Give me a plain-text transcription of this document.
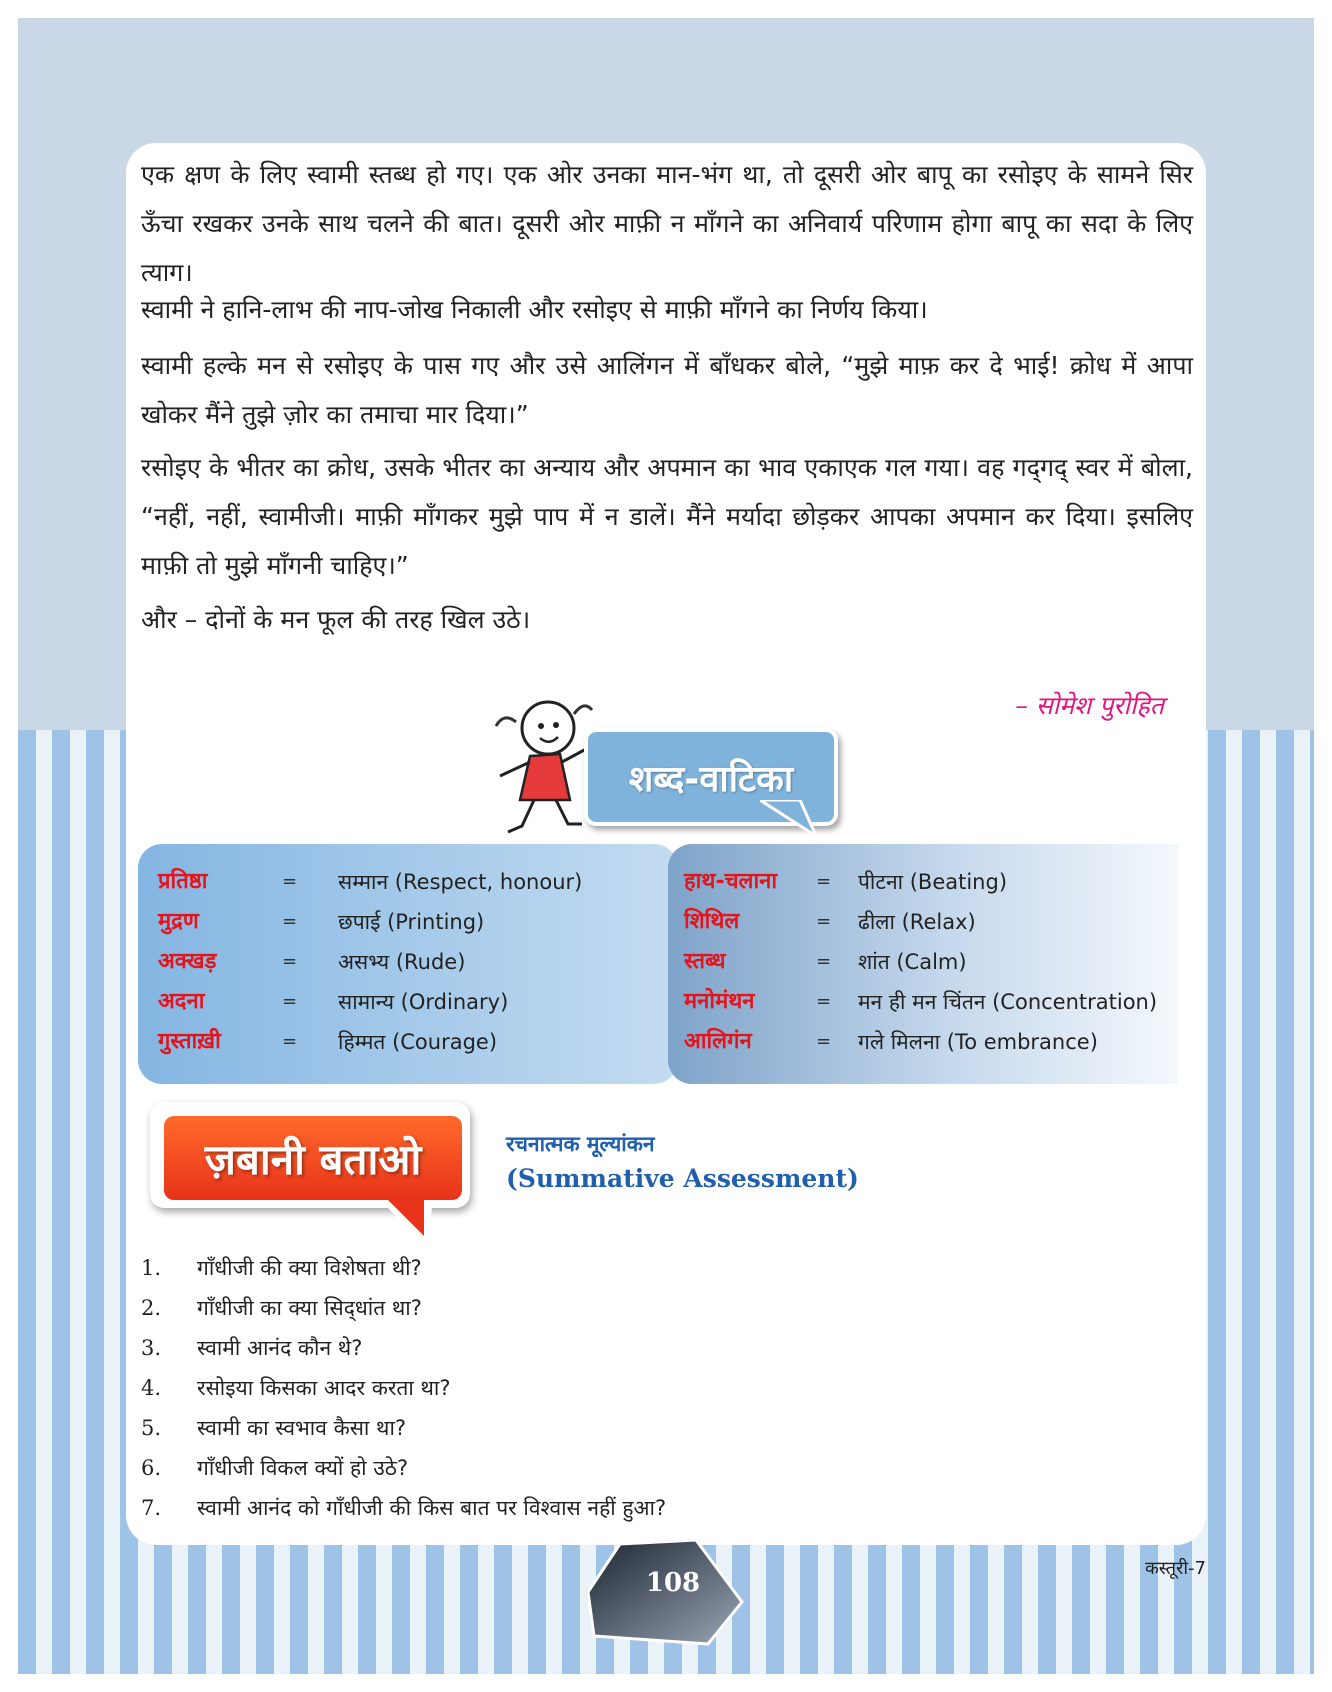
एक क्षण के लिए स्वामी स्तब्ध हो गए। एक ओर उनका मान-भंग था, तो दूसरी ओर बापू का रसोइए के सामने सिर ऊँचा रखकर उनके साथ चलने की बात। दूसरी ओर माफ़ी न माँगने का अनिवार्य परिणाम होगा बापू का सदा के लिए त्याग।

स्वामी ने हानि-लाभ की नाप-जोख निकाली और रसोइए से माफ़ी माँगने का निर्णय किया।

स्वामी हल्के मन से रसोइए के पास गए और उसे आलिंगन में बाँधकर बोले, “मुझे माफ़ कर दे भाई! क्रोध में आपा खोकर मैंने तुझे ज़ोर का तमाचा मार दिया।”

रसोइए के भीतर का क्रोध, उसके भीतर का अन्याय और अपमान का भाव एकाएक गल गया। वह गद्‌गद् स्वर में बोला, “नहीं, नहीं, स्वामीजी। माफ़ी माँगकर मुझे पाप में न डालें। मैंने मर्यादा छोड़कर आपका अपमान कर दिया। इसलिए माफ़ी तो मुझे माँगनी चाहिए।”

और – दोनों के मन फूल की तरह खिल उठे।

– सोमेश पुरोहित

शब्द-वाटिका
प्रतिष्ठा	= सम्मान (Respect, honour)
मुद्रण	= छपाई (Printing)
अक्खड़	= असभ्य (Rude)
अदना	= सामान्य (Ordinary)
गुस्ताख़ी	= हिम्मत (Courage)
हाथ-चलाना = पीटना (Beating)
शिथिल	= ढीला (Relax)
स्तब्ध	= शांत (Calm)
मनोमंथन	= मन ही मन चिंतन (Concentration)
आलिगंन	= गले मिलना (To embrance)
ज़बानी बताओ	रचनात्मक मूल्यांकन

(Summative Assessment)

1. गाँधीजी की क्या विशेषता थी?
2. गाँधीजी का क्या सिद्‌धांत था?
3. स्वामी आनंद कौन थे?
4. रसोइया किसका आदर करता था?
5. स्वामी का स्वभाव कैसा था?
6. गाँधीजी विकल क्यों हो उठे?
7. स्वामी आनंद को गाँधीजी की किस बात पर विश्वास नहीं हुआ?

कस्तूरी-7

108
